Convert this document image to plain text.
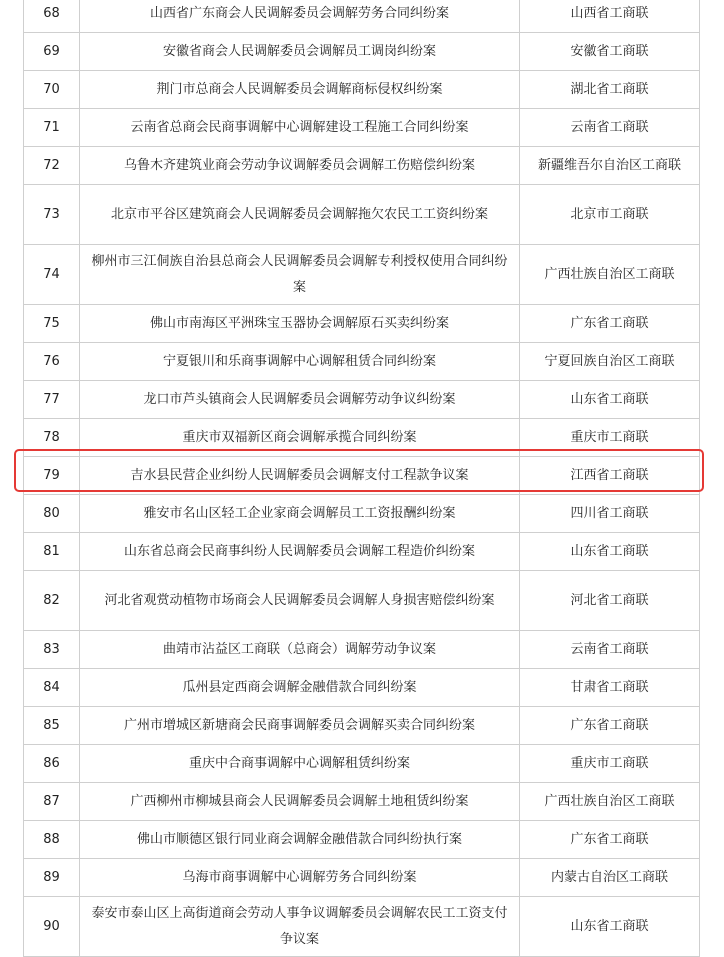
68	山西省广东商会人民调解委员会调解劳务合同纠纷案	山西省工商联
69	安徽省商会人民调解委员会调解员工调岗纠纷案	安徽省工商联
70	荆门市总商会人民调解委员会调解商标侵权纠纷案	湖北省工商联
71	云南省总商会民商事调解中心调解建设工程施工合同纠纷案	云南省工商联
72	乌鲁木齐建筑业商会劳动争议调解委员会调解工伤赔偿纠纷案	新疆维吾尔自治区工商联
73	北京市平谷区建筑商会人民调解委员会调解拖欠农民工工资纠纷案	北京市工商联
74	柳州市三江侗族自治县总商会人民调解委员会调解专利授权使用合同纠纷案	广西壮族自治区工商联
75	佛山市南海区平洲珠宝玉器协会调解原石买卖纠纷案	广东省工商联
76	宁夏银川和乐商事调解中心调解租赁合同纠纷案	宁夏回族自治区工商联
77	龙口市芦头镇商会人民调解委员会调解劳动争议纠纷案	山东省工商联
78	重庆市双福新区商会调解承揽合同纠纷案	重庆市工商联
79	吉水县民营企业纠纷人民调解委员会调解支付工程款争议案	江西省工商联
80	雅安市名山区轻工企业家商会调解员工工资报酬纠纷案	四川省工商联
81	山东省总商会民商事纠纷人民调解委员会调解工程造价纠纷案	山东省工商联
82	河北省观赏动植物市场商会人民调解委员会调解人身损害赔偿纠纷案	河北省工商联
83	曲靖市沾益区工商联（总商会）调解劳动争议案	云南省工商联
84	瓜州县定西商会调解金融借款合同纠纷案	甘肃省工商联
85	广州市增城区新塘商会民商事调解委员会调解买卖合同纠纷案	广东省工商联
86	重庆中合商事调解中心调解租赁纠纷案	重庆市工商联
87	广西柳州市柳城县商会人民调解委员会调解土地租赁纠纷案	广西壮族自治区工商联
88	佛山市顺德区银行同业商会调解金融借款合同纠纷执行案	广东省工商联
89	乌海市商事调解中心调解劳务合同纠纷案	内蒙古自治区工商联
90	泰安市泰山区上高街道商会劳动人事争议调解委员会调解农民工工资支付争议案	山东省工商联
